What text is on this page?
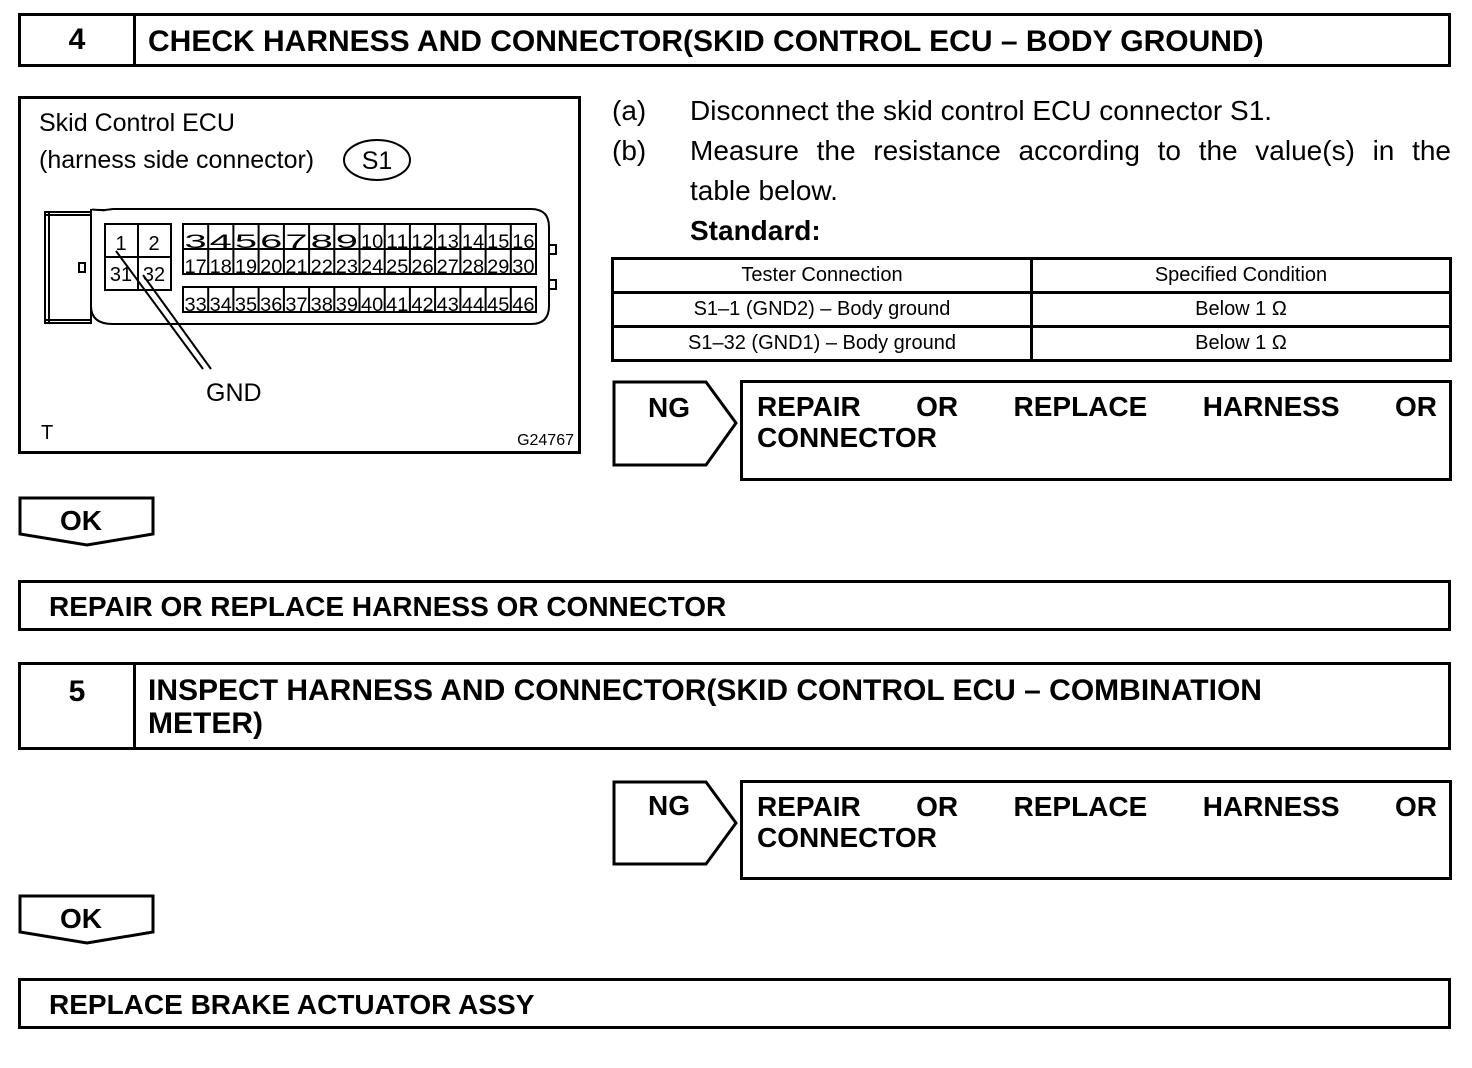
4	CHECK HARNESS AND CONNECTOR(SKID CONTROL ECU – BODY GROUND)
Skid Control ECU
(harness side connector) S1
1 2
31 32
3 4 5 6 7 8 9 10 11 12 13 14 15 16
17 18 19 20 21 22 23 24 25 26 27 28 29 30
33 34 35 36 37 38 39 40 41 42 43 44 45 46
GND
T	G24767
(a) Disconnect the skid control ECU connector S1.
(b) Measure the resistance according to the value(s) in the
table below.
Standard:
Tester Connection	Specified Condition
S1–1 (GND2) – Body ground	Below 1 Ω
S1–32 (GND1) – Body ground	Below 1 Ω
NG REPAIR OR REPLACE HARNESS OR
CONNECTOR
OK
REPAIR OR REPLACE HARNESS OR CONNECTOR
5	INSPECT HARNESS AND CONNECTOR(SKID CONTROL ECU – COMBINATION
METER)
NG REPAIR OR REPLACE HARNESS OR
CONNECTOR
OK
REPLACE BRAKE ACTUATOR ASSY
